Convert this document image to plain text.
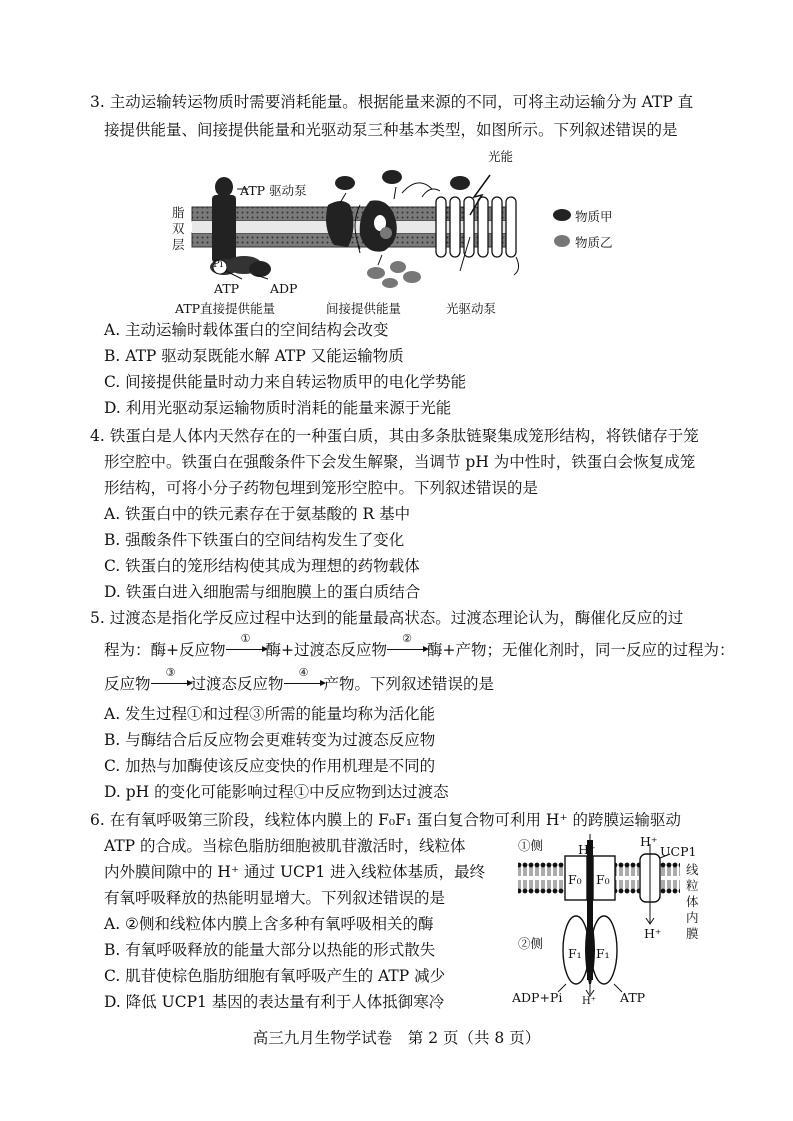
3. 主动运输转运物质时需要消耗能量。根据能量来源的不同，可将主动运输分为 ATP 直
接提供能量、间接提供能量和光驱动泵三种基本类型，如图所示。下列叙述错误的是
光能
ATP 驱动泵
脂
双
层
Pi
ATP ADP
ATP直接提供能量	间接提供能量	光驱动泵
物质甲
物质乙
A. 主动运输时载体蛋白的空间结构会改变
B. ATP 驱动泵既能水解 ATP 又能运输物质
C. 间接提供能量时动力来自转运物质甲的电化学势能
D. 利用光驱动泵运输物质时消耗的能量来源于光能
4. 铁蛋白是人体内天然存在的一种蛋白质，其由多条肽链聚集成笼形结构，将铁储存于笼
形空腔中。铁蛋白在强酸条件下会发生解聚，当调节 pH 为中性时，铁蛋白会恢复成笼
形结构，可将小分子药物包埋到笼形空腔中。下列叙述错误的是
A. 铁蛋白中的铁元素存在于氨基酸的 R 基中
B. 强酸条件下铁蛋白的空间结构发生了变化
C. 铁蛋白的笼形结构使其成为理想的药物载体
D. 铁蛋白进入细胞需与细胞膜上的蛋白质结合
5. 过渡态是指化学反应过程中达到的能量最高状态。过渡态理论认为，酶催化反应的过
程为：酶+反应物
①
酶+过渡态反应物
②
酶+产物；无催化剂时，同一反应的过程为：
反应物
③
过渡态反应物
④
产物。下列叙述错误的是
A. 发生过程①和过程③所需的能量均称为活化能
B. 与酶结合后反应物会更难转变为过渡态反应物
C. 加热与加酶使该反应变快的作用机理是不同的
D. pH 的变化可能影响过程①中反应物到达过渡态
6. 在有氧呼吸第三阶段，线粒体内膜上的 F₀F₁ 蛋白复合物可利用 H⁺ 的跨膜运输驱动
ATP 的合成。当棕色脂肪细胞被肌苷激活时，线粒体
内外膜间隙中的 H⁺ 通过 UCP1 进入线粒体基质，最终
有氧呼吸释放的热能明显增大。下列叙述错误的是
A. ②侧和线粒体内膜上含多种有氧呼吸相关的酶
B. 有氧呼吸释放的能量大部分以热能的形式散失
C. 肌苷使棕色脂肪细胞有氧呼吸产生的 ATP 减少
D. 降低 UCP1 基因的表达量有利于人体抵御寒冷
①侧
②侧
H⁺
H⁺
H⁺
H⁺
UCP1
F₀ F₀
F₁ F₁
线
粒
体
内
膜
ADP+Pi	ATP
高三九月生物学试卷　第 2 页（共 8 页）
